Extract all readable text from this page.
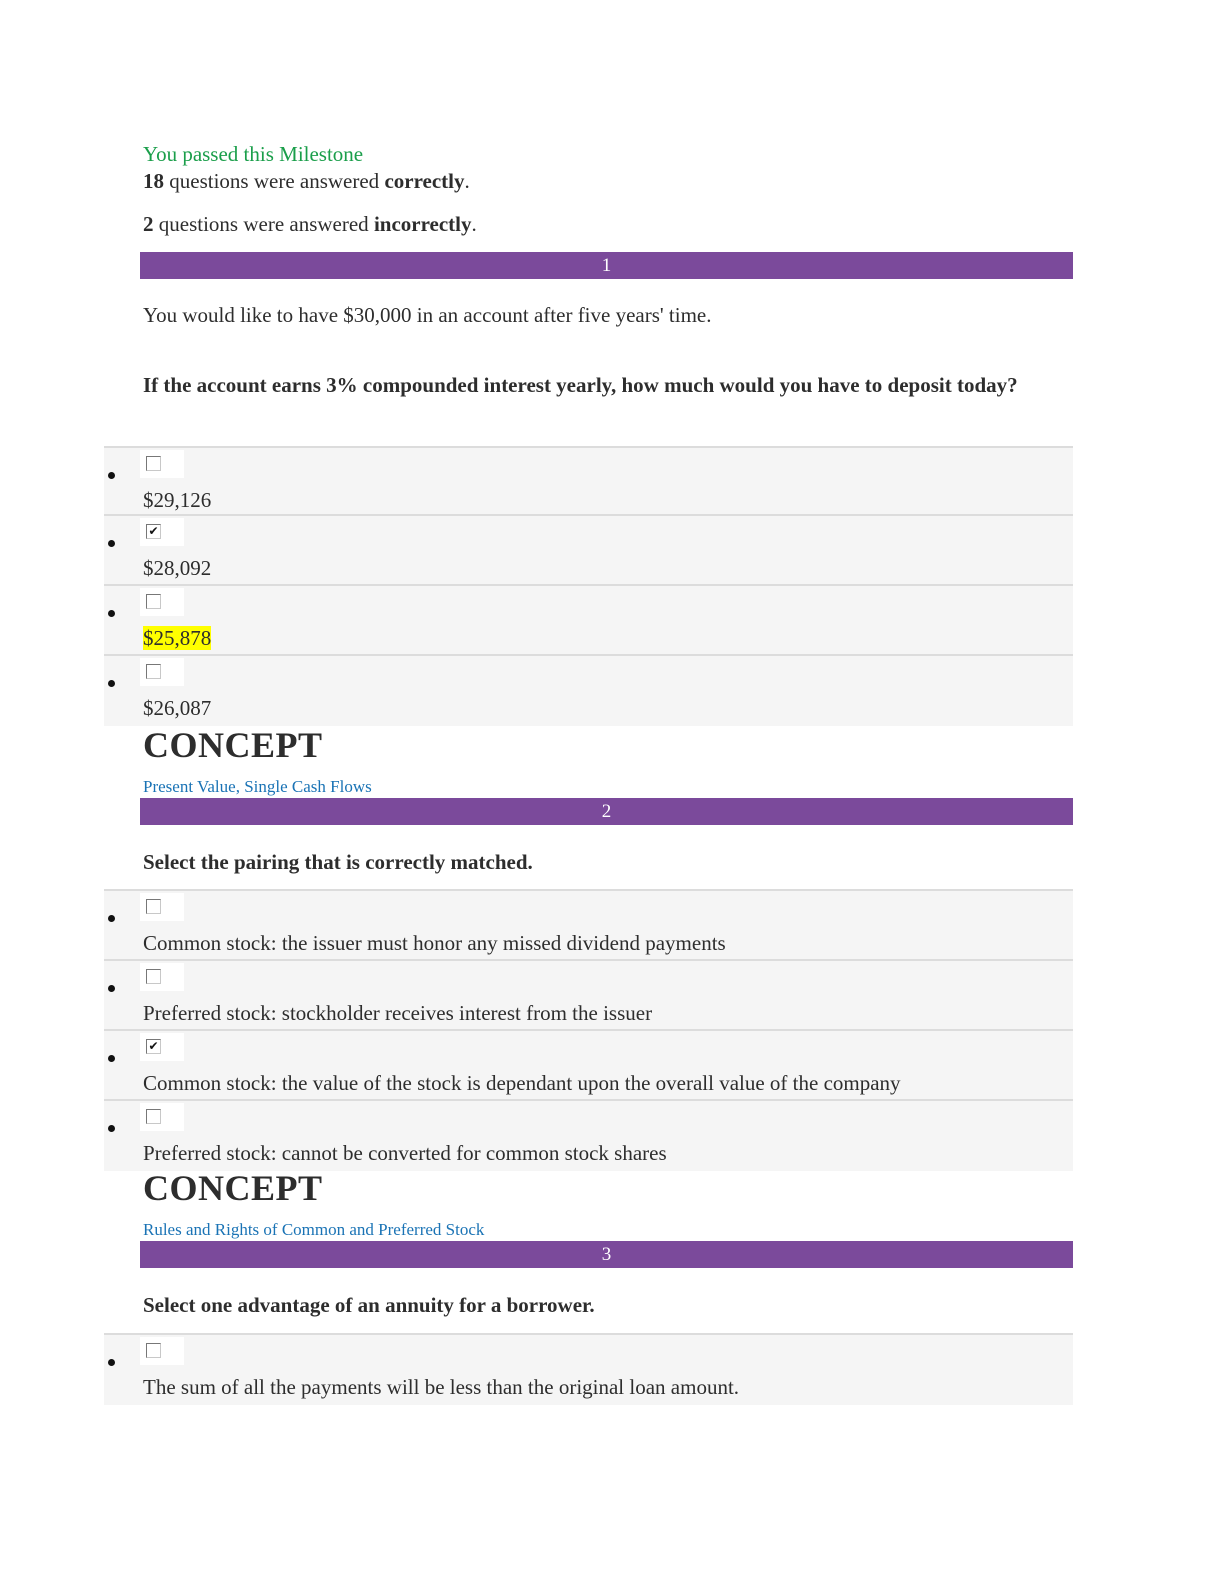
You passed this Milestone
18 questions were answered correctly.
2 questions were answered incorrectly.
1
You would like to have $30,000 in an account after five years' time.
If the account earns 3% compounded interest yearly, how much would you have to deposit today?
$29,126
✔
$28,092
$25,878
$26,087
CONCEPT
Present Value, Single Cash Flows
2
Select the pairing that is correctly matched.
Common stock: the issuer must honor any missed dividend payments
Preferred stock: stockholder receives interest from the issuer
✔
Common stock: the value of the stock is dependant upon the overall value of the company
Preferred stock: cannot be converted for common stock shares
CONCEPT
Rules and Rights of Common and Preferred Stock
3
Select one advantage of an annuity for a borrower.
The sum of all the payments will be less than the original loan amount.
